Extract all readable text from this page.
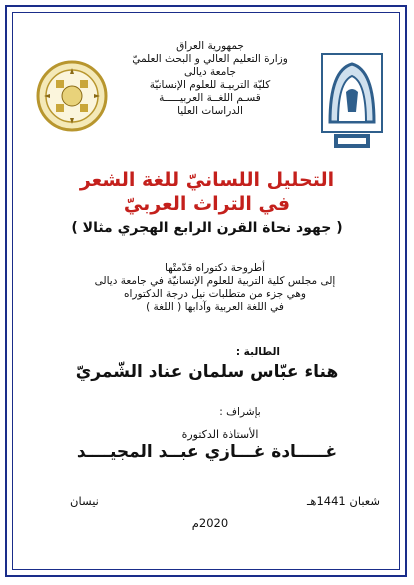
جمهورية العراق
وزارة التعليم العالي و البحث العلميّ
جامعة ديالى
كليّة التربيـة للعلوم الإنسانيّة
قسـم اللغــة العربيـــــة
الدراسات العليا
التحليل اللسانيّ للغة الشعر
في التراث العربيّ
( جهود نحاة القرن الرابع الهجري مثالا )
أطروحة دكتوراه قدّمتْها
إلى مجلس كلية التربية للعلوم الإنسانيّة في جامعة ديالى
وهي جزء من متطلبات نيل درجة الدكتوراه
في اللغة العربية وآدابها ( اللغة )
الطالبة :
هناء عبّاس سلمان عناد الشّمريّ
بإشراف :
الأستاذة الدكتورة
غـــــادة غـــازي عبــد المجيــــد
شعبان 1441هـ
نيسان
2020م
